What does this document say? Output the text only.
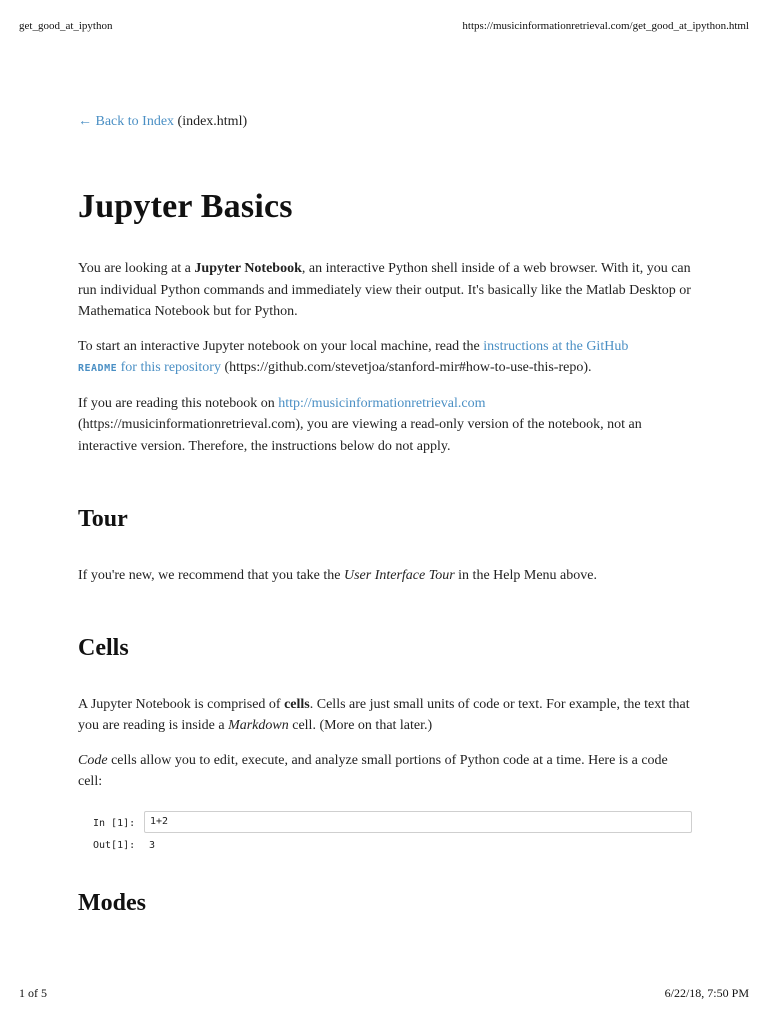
get_good_at_ipython	https://musicinformationretrieval.com/get_good_at_ipython.html

← Back to Index (index.html)

Jupyter Basics

You are looking at a Jupyter Notebook, an interactive Python shell inside of a web browser. With it, you can run individual Python commands and immediately view their output. It's basically like the Matlab Desktop or Mathematica Notebook but for Python.

To start an interactive Jupyter notebook on your local machine, read the instructions at the GitHub
README for this repository (https://github.com/stevetjoa/stanford-mir#how-to-use-this-repo).

If you are reading this notebook on http://musicinformationretrieval.com
(https://musicinformationretrieval.com), you are viewing a read-only version of the notebook, not an interactive version. Therefore, the instructions below do not apply.

Tour

If you're new, we recommend that you take the User Interface Tour in the Help Menu above.

Cells

A Jupyter Notebook is comprised of cells. Cells are just small units of code or text. For example, the text that you are reading is inside a Markdown cell. (More on that later.)

Code cells allow you to edit, execute, and analyze small portions of Python code at a time. Here is a code cell:

In [1]:	1+2
Out[1]: 3
Modes
1 of 5	6/22/18, 7:50 PM
